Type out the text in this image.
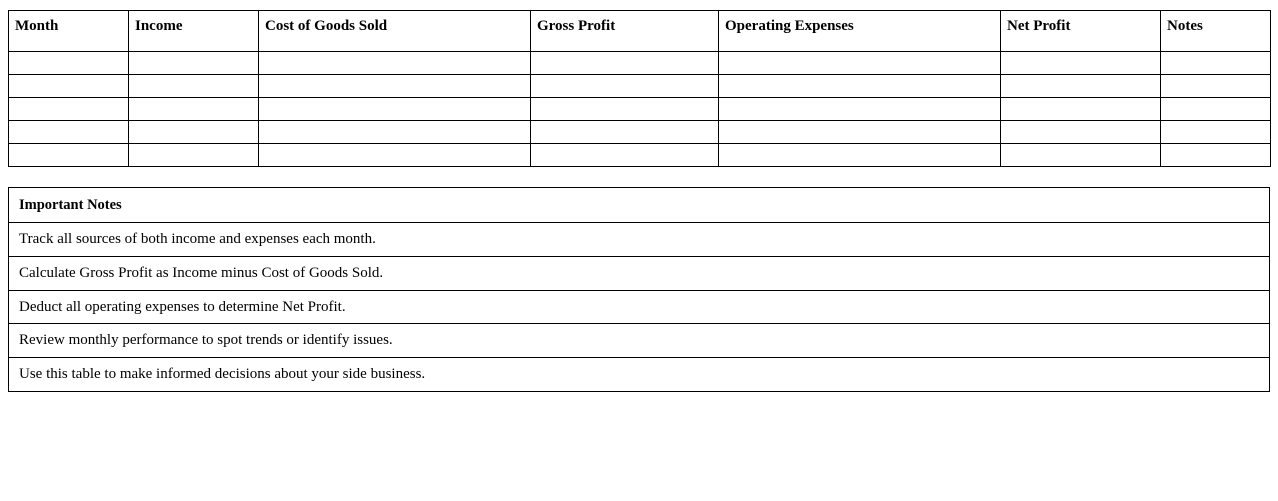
Month	Income	Cost of Goods Sold	Gross Profit	Operating Expenses	Net Profit	Notes

Important Notes
Track all sources of both income and expenses each month.
Calculate Gross Profit as Income minus Cost of Goods Sold.
Deduct all operating expenses to determine Net Profit.
Review monthly performance to spot trends or identify issues.
Use this table to make informed decisions about your side business.
